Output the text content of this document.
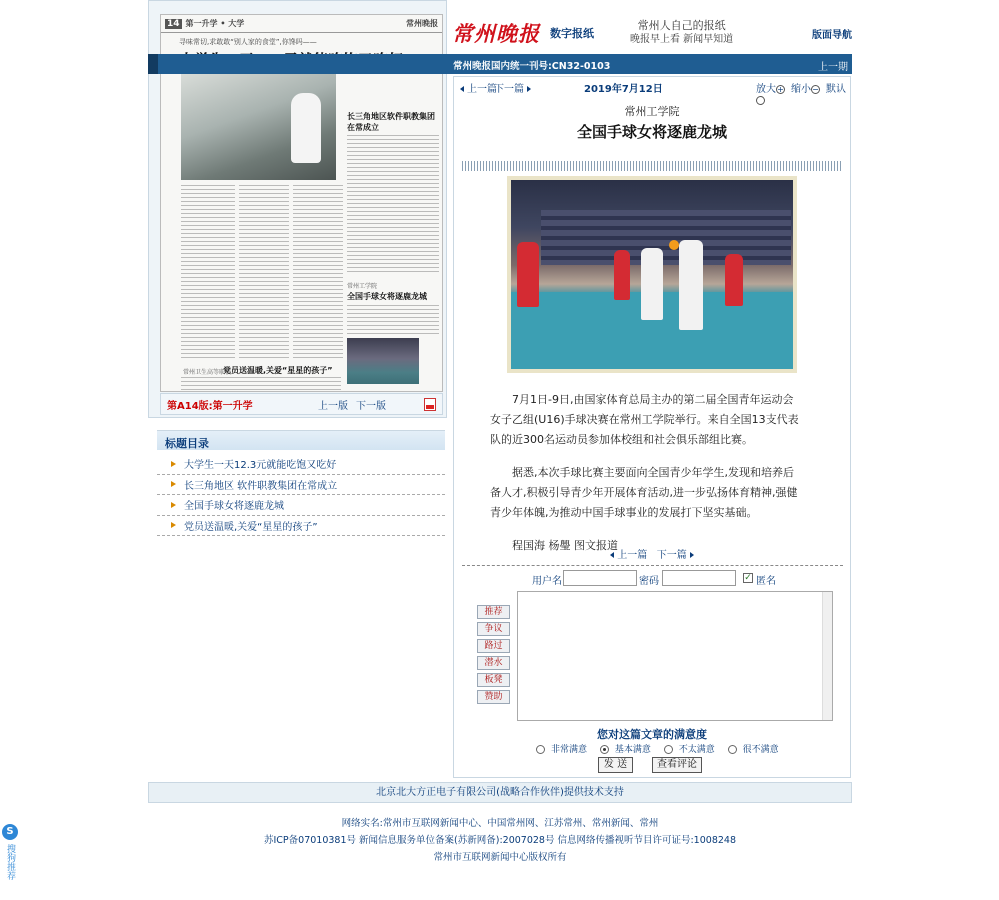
14 第一升学 • 大学	常州晚报
寻味常切,求敢敢“别人家的食堂”,你馋吗——
长三角地区软件职教集团在常成立
常州工学院
全国手球女将逐鹿龙城
常州卫生高等职校
党员送温暖,关爱“星星的孩子”
第A14版:第一升学	上一版 下一版
标题目录
大学生一天12.3元就能吃饱又吃好
长三角地区 软件职教集团在常成立
全国手球女将逐鹿龙城
党员送温暖,关爱“星星的孩子”
常州晚报 数字报纸
常州人自己的报纸
晚报早上看 新闻早知道	版面导航
常州晚报国内统一刊号:CN32-0103	上一期
上一篇
下一篇	2019年7月12日	放大+ 缩小− 默认
常州工学院
全国手球女将逐鹿龙城

7月1日-9日,由国家体育总局主办的第二届全国青年运动会女子乙组(U16)手球决赛在常州工学院举行。来自全国13支代表队的近300名运动员参加体校组和社会俱乐部组比赛。

据悉,本次手球比赛主要面向全国青少年学生,发现和培养后备人才,积极引导青少年开展体育活动,进一步弘扬体育精神,强健青少年体魄,为推动中国手球事业的发展打下坚实基础。

程国海 杨璺 图文报道

上一篇 下一篇
用户名	密码	✓ 匿名
推荐
争议
路过
潜水
板凳
赞助
您对这篇文章的满意度
非常满意	基本满意	不太满意	很不满意
发 送	查看评论
北京北大方正电子有限公司(战略合作伙伴)提供技术支持
网络实名:常州市互联网新闻中心、中国常州网、江苏常州、常州新闻、常州
苏ICP备07010381号 新闻信息服务单位备案(苏新网备):2007028号 信息网络传播视听节目许可证号:1008248
常州市互联网新闻中心版权所有
S
搜狗推荐
